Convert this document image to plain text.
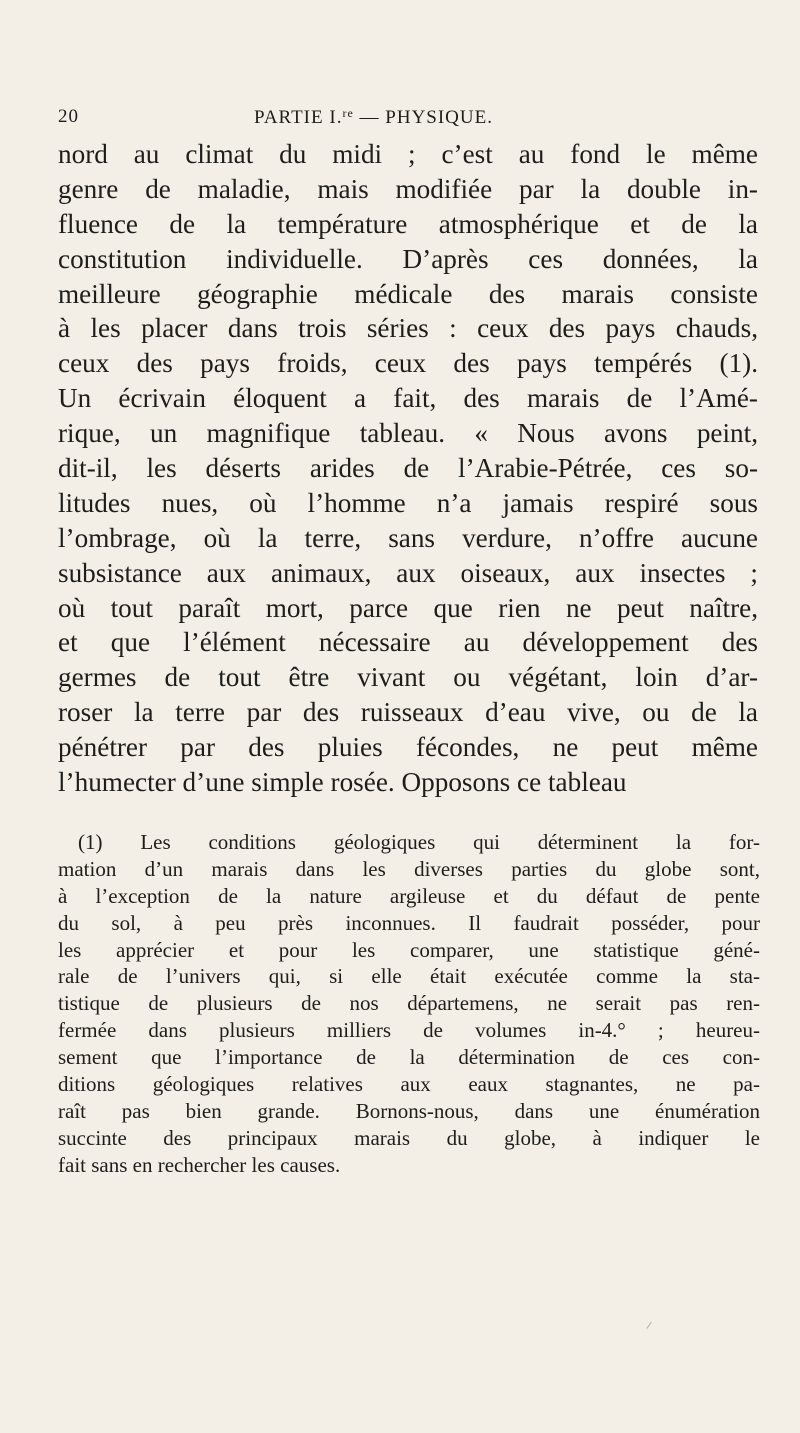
20	PARTIE I.$^{re}$ — PHYSIQUE.
nord au climat du midi ; c’est au fond le même
genre de maladie, mais modifiée par la double in-
fluence de la température atmosphérique et de la
constitution individuelle. D’après ces données, la
meilleure géographie médicale des marais consiste
à les placer dans trois séries : ceux des pays chauds,
ceux des pays froids, ceux des pays tempérés (1).
Un écrivain éloquent a fait, des marais de l’Amé-
rique, un magnifique tableau. « Nous avons peint,
dit-il, les déserts arides de l’Arabie-Pétrée, ces so-
litudes nues, où l’homme n’a jamais respiré sous
l’ombrage, où la terre, sans verdure, n’offre aucune
subsistance aux animaux, aux oiseaux, aux insectes ;
où tout paraît mort, parce que rien ne peut naître,
et que l’élément nécessaire au développement des
germes de tout être vivant ou végétant, loin d’ar-
roser la terre par des ruisseaux d’eau vive, ou de la
pénétrer par des pluies fécondes, ne peut même
l’humecter d’une simple rosée. Opposons ce tableau
(1) Les conditions géologiques qui déterminent la for-
mation d’un marais dans les diverses parties du globe sont,
à l’exception de la nature argileuse et du défaut de pente
du sol, à peu près inconnues. Il faudrait posséder, pour
les apprécier et pour les comparer, une statistique géné-
rale de l’univers qui, si elle était exécutée comme la sta-
tistique de plusieurs de nos départemens, ne serait pas ren-
fermée dans plusieurs milliers de volumes in-4.° ; heureu-
sement que l’importance de la détermination de ces con-
ditions géologiques relatives aux eaux stagnantes, ne pa-
raît pas bien grande. Bornons-nous, dans une énumération
succinte des principaux marais du globe, à indiquer le
fait sans en rechercher les causes.
